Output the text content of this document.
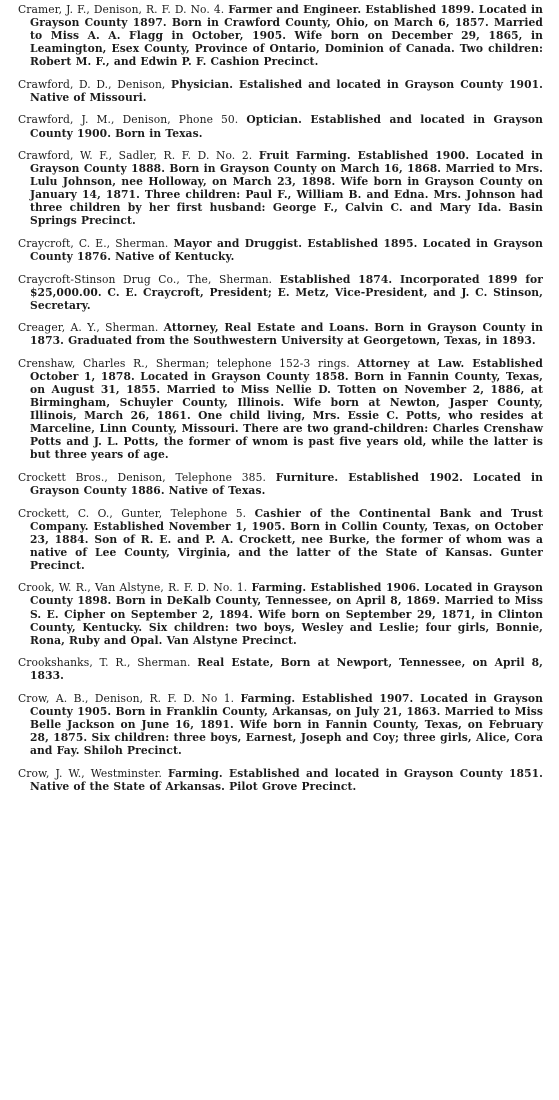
Cramer, J. F., Denison, R. F. D. No. 4. Farmer and Engineer. Established 1899. Located in Grayson County 1897. Born in Crawford County, Ohio, on March 6, 1857. Married to Miss A. A. Flagg in October, 1905. Wife born on December 29, 1865, in Leamington, Esex County, Province of Ontario, Dominion of Canada. Two children: Robert M. F., and Edwin P. F. Cashion Precinct.

Crawford, D. D., Denison, Physician. Estalished and located in Grayson County 1901. Native of Missouri.

Crawford, J. M., Denison, Phone 50. Optician. Established and located in Grayson County 1900. Born in Texas.

Crawford, W. F., Sadler, R. F. D. No. 2. Fruit Farming. Established 1900. Located in Grayson County 1888. Born in Grayson County on March 16, 1868. Married to Mrs. Lulu Johnson, nee Holloway, on March 23, 1898. Wife born in Grayson County on January 14, 1871. Three children: Paul F., William B. and Edna. Mrs. Johnson had three children by her first husband: George F., Calvin C. and Mary Ida. Basin Springs Precinct.

Craycroft, C. E., Sherman. Mayor and Druggist. Established 1895. Located in Grayson County 1876. Native of Kentucky.

Craycroft-Stinson Drug Co., The, Sherman. Established 1874. Incorporated 1899 for $25,000.00. C. E. Craycroft, President; E. Metz, Vice-President, and J. C. Stinson, Secretary.

Creager, A. Y., Sherman. Attorney, Real Estate and Loans. Born in Grayson County in 1873. Graduated from the Southwestern University at Georgetown, Texas, in 1893.

Crenshaw, Charles R., Sherman; telephone 152-3 rings. Attorney at Law. Established October 1, 1878. Located in Grayson County 1858. Born in Fannin County, Texas, on August 31, 1855. Married to Miss Nellie D. Totten on November 2, 1886, at Birmingham, Schuyler County, Illinois. Wife born at Newton, Jasper County, Illinois, March 26, 1861. One child living, Mrs. Essie C. Potts, who resides at Marceline, Linn County, Missouri. There are two grand-children: Charles Crenshaw Potts and J. L. Potts, the former of wnom is past five years old, while the latter is but three years of age.

Crockett Bros., Denison, Telephone 385. Furniture. Established 1902. Located in Grayson County 1886. Native of Texas.

Crockett, C. O., Gunter, Telephone 5. Cashier of the Continental Bank and Trust Company. Established November 1, 1905. Born in Collin County, Texas, on October 23, 1884. Son of R. E. and P. A. Crockett, nee Burke, the former of whom was a native of Lee County, Virginia, and the latter of the State of Kansas. Gunter Precinct.

Crook, W. R., Van Alstyne, R. F. D. No. 1. Farming. Established 1906. Located in Grayson County 1898. Born in DeKalb County, Tennessee, on April 8, 1869. Married to Miss S. E. Cipher on September 2, 1894. Wife born on September 29, 1871, in Clinton County, Kentucky. Six children: two boys, Wesley and Leslie; four girls, Bonnie, Rona, Ruby and Opal. Van Alstyne Precinct.

Crookshanks, T. R., Sherman. Real Estate, Born at Newport, Tennessee, on April 8, 1833.

Crow, A. B., Denison, R. F. D. No 1. Farming. Established 1907. Located in Grayson County 1905. Born in Franklin County, Arkansas, on July 21, 1863. Married to Miss Belle Jackson on June 16, 1891. Wife born in Fannin County, Texas, on February 28, 1875. Six children: three boys, Earnest, Joseph and Coy; three girls, Alice, Cora and Fay. Shiloh Precinct.

Crow, J. W., Westminster. Farming. Established and located in Grayson County 1851. Native of the State of Arkansas. Pilot Grove Precinct.
